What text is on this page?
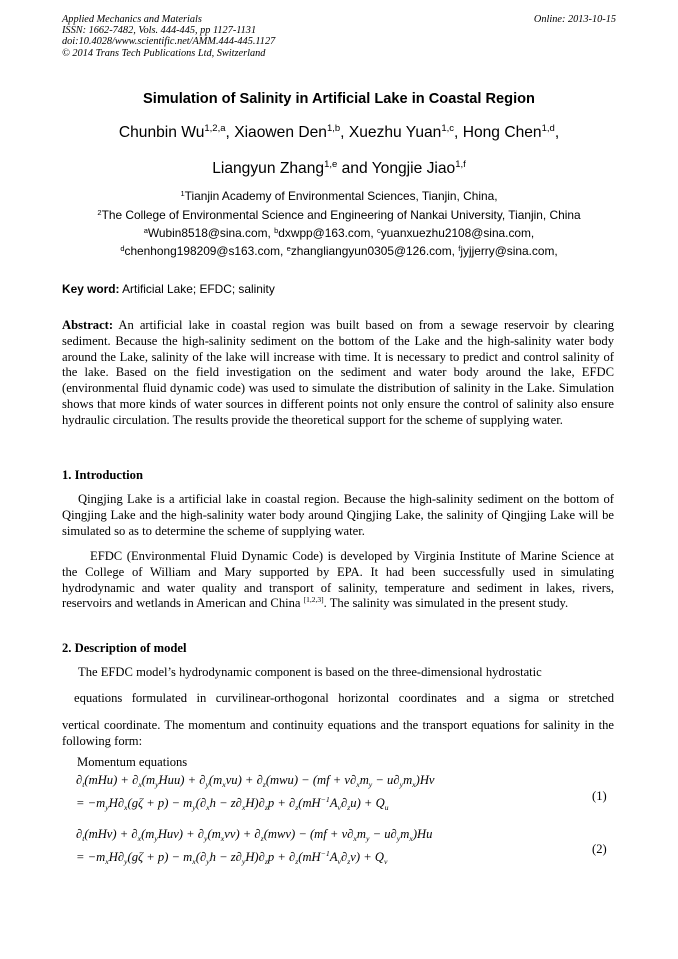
Applied Mechanics and Materials
ISSN: 1662-7482, Vols. 444-445, pp 1127-1131
doi:10.4028/www.scientific.net/AMM.444-445.1127
© 2014 Trans Tech Publications Ltd, Switzerland
Online: 2013-10-15
Simulation of Salinity in Artificial Lake in Coastal Region
Chunbin Wu$^{1,2,a}$, Xiaowen Den$^{1,b}$, Xuezhu Yuan$^{1,c}$, Hong Chen$^{1,d}$,
Liangyun Zhang$^{1,e}$ and Yongjie Jiao$^{1,f}$
$^1$Tianjin Academy of Environmental Sciences, Tianjin, China,
$^2$The College of Environmental Science and Engineering of Nankai University, Tianjin, China
$^a$Wubin8518@sina.com, $^b$dxwpp@163.com, $^c$yuanxuezhu2108@sina.com,
$^d$chenhong198209@s163.com, $^e$zhangliangyun0305@126.com, $^f$jyjjerry@sina.com,
Key word: Artificial Lake; EFDC; salinity
Abstract: An artificial lake in coastal region was built based on from a sewage reservoir by clearing sediment. Because the high-salinity sediment on the bottom of the Lake and the high-salinity water body around the Lake, salinity of the lake will increase with time. It is necessary to predict and control salinity of the lake. Based on the field investigation on the sediment and water body around the lake, EFDC (environmental fluid dynamic code) was used to simulate the distribution of salinity in the Lake. Simulation shows that more kinds of water sources in different points not only ensure the control of salinity also ensure hydraulic circulation. The results provide the theoretical support for the scheme of supplying water.
1. Introduction
Qingjing Lake is a artificial lake in coastal region. Because the high-salinity sediment on the bottom of Qingjing Lake and the high-salinity water body around Qingjing Lake, the salinity of Qingjing Lake will be simulated so as to determine the scheme of supplying water.
EFDC (Environmental Fluid Dynamic Code) is developed by Virginia Institute of Marine Science at the College of William and Mary supported by EPA. It had been successfully used in simulating hydrodynamic and water quality and transport of salinity, temperature and sediment in lakes, rivers, reservoirs and wetlands in American and China [1,2,3]. The salinity was simulated in the present study.
2. Description of model
The EFDC model’s hydrodynamic component is based on the three-dimensional hydrostatic
equations formulated in curvilinear-orthogonal horizontal coordinates and a sigma or stretched
vertical coordinate. The momentum and continuity equations and the transport equations for salinity in the following form:
Momentum equations
$\partial_t(mHu) + \partial_x(m_yHuu) + \partial_y(m_xvu) + \partial_z(mwu) - (mf + v\partial_xm_y - u\partial_ym_x)Hv$
= $-m_yH\partial_x(g\zeta + p) - m_y(\partial_xh - z\partial_xH)\partial_zp + \partial_z(mH^{-1}A_v\partial_zu) + Q_u$
(1)
$\partial_t(mHv) + \partial_x(m_yHuv) + \partial_y(m_xvv) + \partial_z(mwv) - (mf + v\partial_xm_y - u\partial_ym_x)Hu$
= $-m_xH\partial_y(g\zeta + p) - m_x(\partial_yh - z\partial_yH)\partial_zp + \partial_z(mH^{-1}A_v\partial_zv) + Q_v$
(2)
